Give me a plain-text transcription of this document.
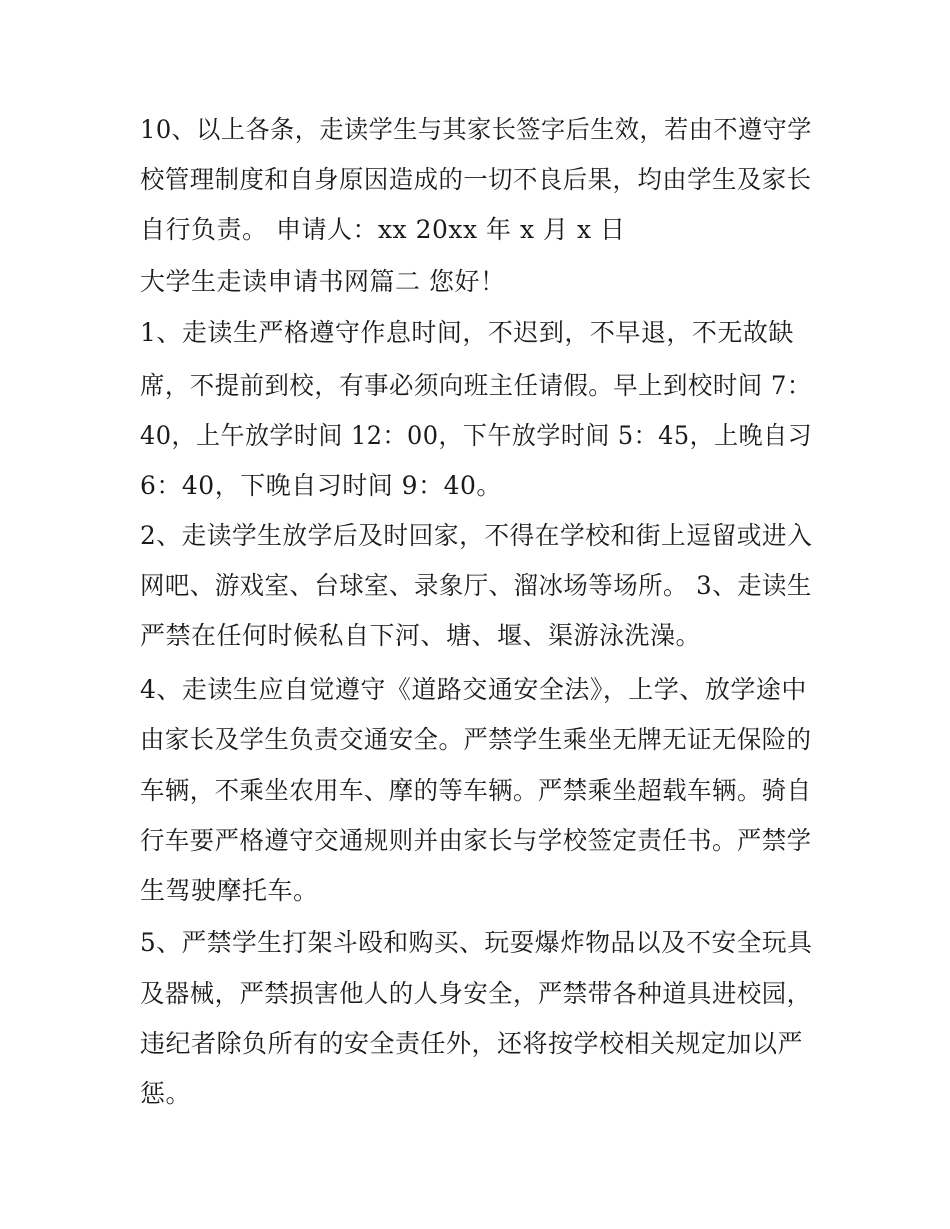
10、以上各条，走读学生与其家长签字后生效，若由不遵守学

校管理制度和自身原因造成的一切不良后果，均由学生及家长

自行负责。 申请人：xx 20xx 年 x 月 x 日

大学生走读申请书网篇二 您好！

1、走读生严格遵守作息时间，不迟到，不早退，不无故缺

席，不提前到校，有事必须向班主任请假。早上到校时间 7：

40，上午放学时间 12：00，下午放学时间 5：45，上晚自习

6：40，下晚自习时间 9：40。

2、走读学生放学后及时回家，不得在学校和街上逗留或进入

网吧、游戏室、台球室、录象厅、溜冰场等场所。 3、走读生

严禁在任何时候私自下河、塘、堰、渠游泳洗澡。

4、走读生应自觉遵守《道路交通安全法》，上学、放学途中

由家长及学生负责交通安全。严禁学生乘坐无牌无证无保险的

车辆，不乘坐农用车、摩的等车辆。严禁乘坐超载车辆。骑自

行车要严格遵守交通规则并由家长与学校签定责任书。严禁学

生驾驶摩托车。

5、严禁学生打架斗殴和购买、玩耍爆炸物品以及不安全玩具

及器械，严禁损害他人的人身安全，严禁带各种道具进校园，

违纪者除负所有的安全责任外，还将按学校相关规定加以严

惩。
